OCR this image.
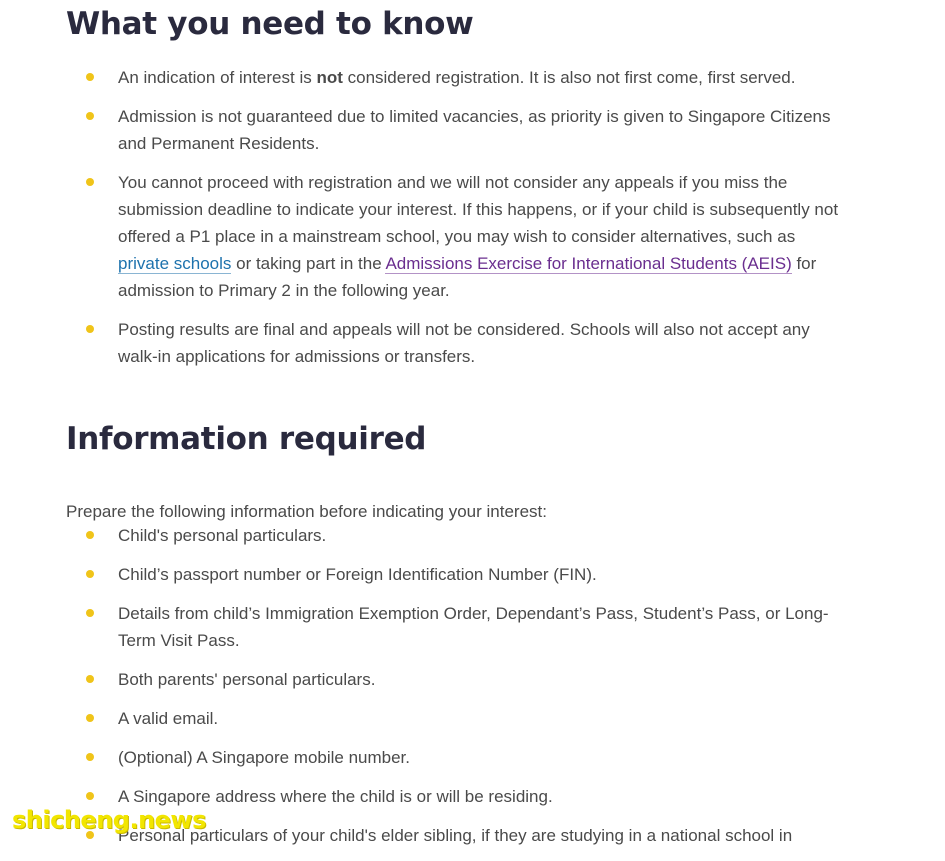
What you need to know
An indication of interest is not considered registration. It is also not first come, first served.
Admission is not guaranteed due to limited vacancies, as priority is given to Singapore Citizens and Permanent Residents.
You cannot proceed with registration and we will not consider any appeals if you miss the submission deadline to indicate your interest. If this happens, or if your child is subsequently not offered a P1 place in a mainstream school, you may wish to consider alternatives, such as private schools or taking part in the Admissions Exercise for International Students (AEIS) for admission to Primary 2 in the following year.
Posting results are final and appeals will not be considered. Schools will also not accept any walk-in applications for admissions or transfers.
Information required

Prepare the following information before indicating your interest:

Child's personal particulars.
Child’s passport number or Foreign Identification Number (FIN).
Details from child’s Immigration Exemption Order, Dependant’s Pass, Student’s Pass, or Long-Term Visit Pass.
Both parents' personal particulars.
A valid email.
(Optional) A Singapore mobile number.
A Singapore address where the child is or will be residing.
Personal particulars of your child's elder sibling, if they are studying in a national school in
shicheng.news
